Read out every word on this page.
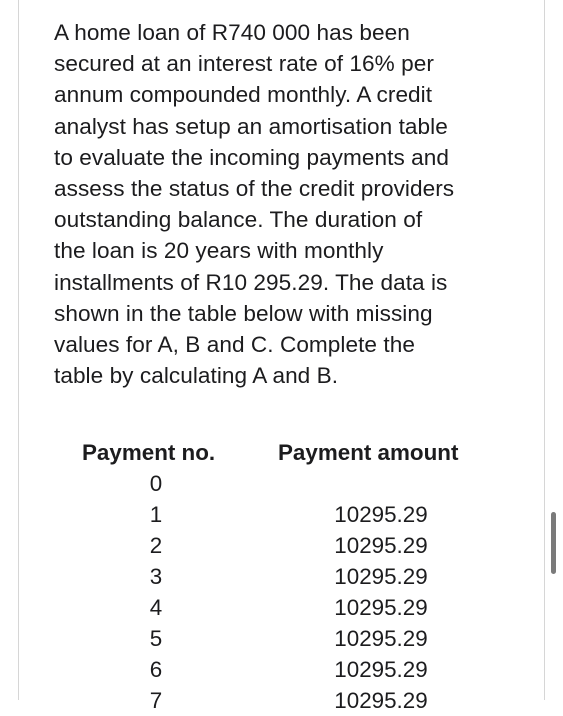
A home loan of R740 000 has been
secured at an interest rate of 16% per
annum compounded monthly. A credit
analyst has setup an amortisation table
to evaluate the incoming payments and
assess the status of the credit providers
outstanding balance. The duration of
the loan is 20 years with monthly
installments of R10 295.29. The data is
shown in the table below with missing
values for A, B and C. Complete the
table by calculating A and B.

Payment no.	Payment amount
0
1	10295.29
2	10295.29
3	10295.29
4	10295.29
5	10295.29
6	10295.29
7	10295.29
